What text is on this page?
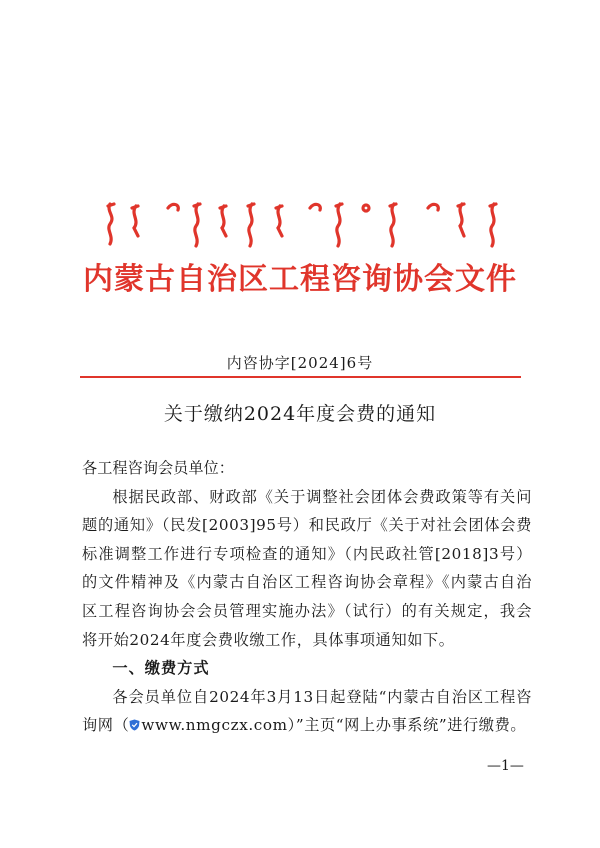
内蒙古自治区工程咨询协会文件
内咨协字[2024]6号
关于缴纳2024年度会费的通知

各工程咨询会员单位：

根据民政部、财政部《关于调整社会团体会费政策等有关问题的通知》（民发[2003]95号）和民政厅《关于对社会团体会费标准调整工作进行专项检查的通知》（内民政社管[2018]3号）的文件精神及《内蒙古自治区工程咨询协会章程》《内蒙古自治区工程咨询协会会员管理实施办法》（试行）的有关规定，我会将开始2024年度会费收缴工作，具体事项通知如下。

一、缴费方式

各会员单位自2024年3月13日起登陆“内蒙古自治区工程咨询网（ www.nmgczx.com）”主页“网上办事系统”进行缴费。

—1—
